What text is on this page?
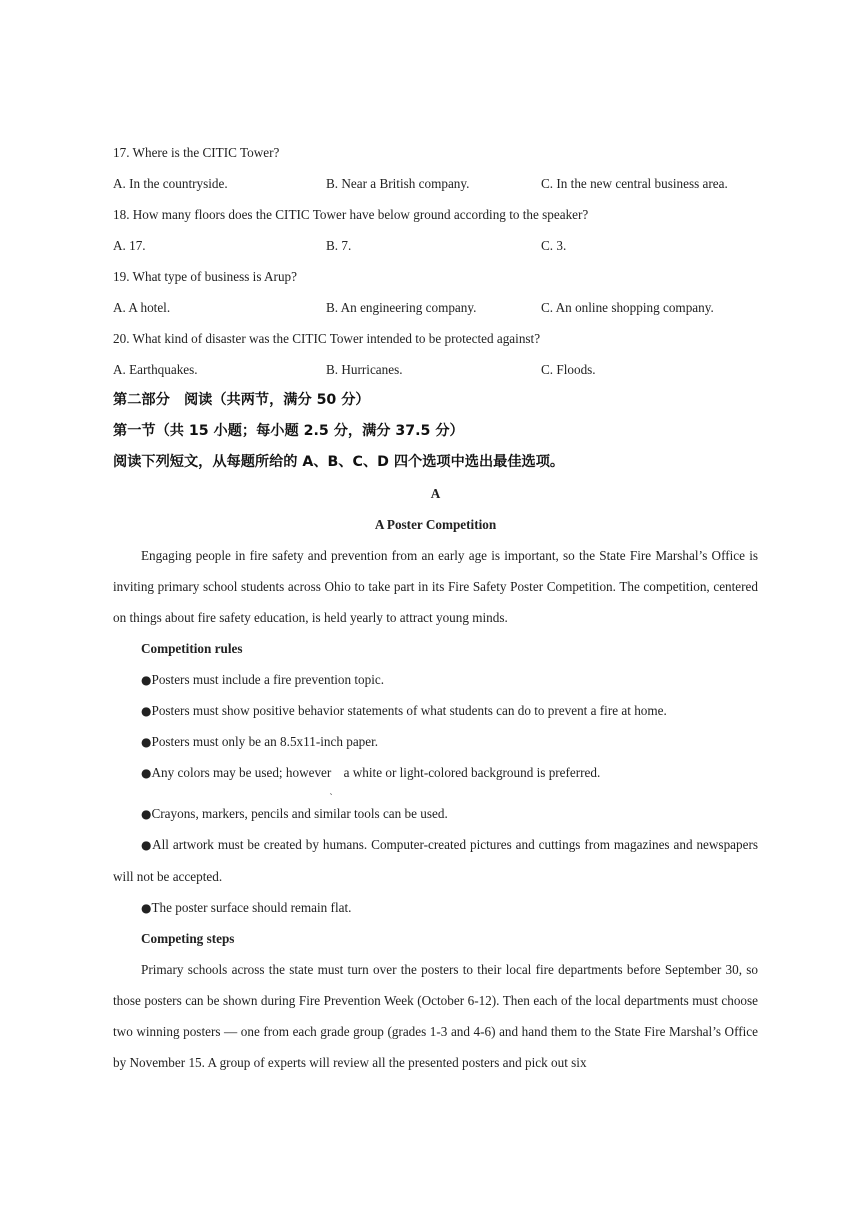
17. Where is the CITIC Tower?
A. In the countryside.	B. Near a British company.	C. In the new central business area.
18. How many floors does the CITIC Tower have below ground according to the speaker?
A. 17.	B. 7.	C. 3.
19. What type of business is Arup?
A. A hotel.	B. An engineering company.	C. An online shopping company.
20. What kind of disaster was the CITIC Tower intended to be protected against?
A. Earthquakes.	B. Hurricanes.	C. Floods.
第二部分　阅读（共两节，满分 50 分）
第一节（共 15 小题；每小题 2.5 分，满分 37.5 分）
阅读下列短文，从每题所给的 A、B、C、D 四个选项中选出最佳选项。
A
A Poster Competition
Engaging people in fire safety and prevention from an early age is important, so the State Fire Marshal’s Office is inviting primary school students across Ohio to take part in its Fire Safety Poster Competition. The competition, centered on things about fire safety education, is held yearly to attract young minds.
Competition rules
●Posters must include a fire prevention topic.
●Posters must show positive behavior statements of what students can do to prevent a fire at home.
●Posters must only be an 8.5x11-inch paper.
●Any colors may be used; however a white or light-colored background is preferred.
●Crayons, markers, pencils and similar tools can be used.
●All artwork must be created by humans. Computer-created pictures and cuttings from magazines and newspapers will not be accepted.
●The poster surface should remain flat.
Competing steps
Primary schools across the state must turn over the posters to their local fire departments before September 30, so those posters can be shown during Fire Prevention Week (October 6-12). Then each of the local departments must choose two winning posters — one from each grade group (grades 1-3 and 4-6) and hand them to the State Fire Marshal’s Office by November 15. A group of experts will review all the presented posters and pick out six
